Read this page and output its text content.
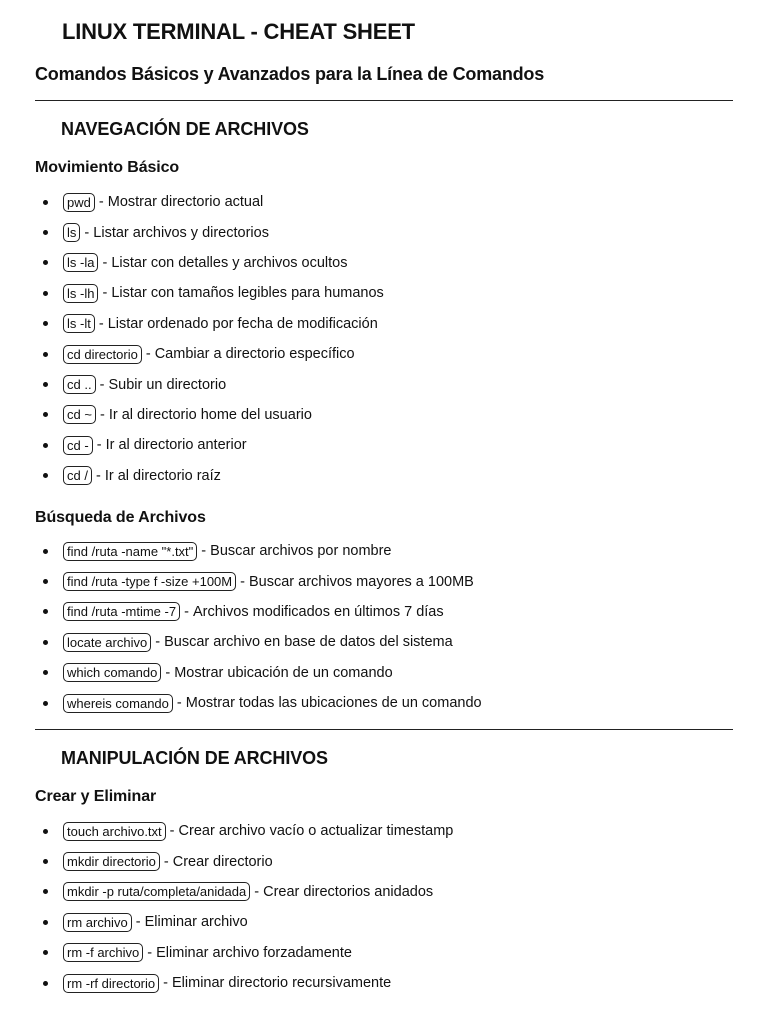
LINUX TERMINAL - CHEAT SHEET
Comandos Básicos y Avanzados para la Línea de Comandos
NAVEGACIÓN DE ARCHIVOS
Movimiento Básico
pwd - Mostrar directorio actual
ls - Listar archivos y directorios
ls -la - Listar con detalles y archivos ocultos
ls -lh - Listar con tamaños legibles para humanos
ls -lt - Listar ordenado por fecha de modificación
cd directorio - Cambiar a directorio específico
cd .. - Subir un directorio
cd ~ - Ir al directorio home del usuario
cd - - Ir al directorio anterior
cd / - Ir al directorio raíz
Búsqueda de Archivos
find /ruta -name "*.txt" - Buscar archivos por nombre
find /ruta -type f -size +100M - Buscar archivos mayores a 100MB
find /ruta -mtime -7 - Archivos modificados en últimos 7 días
locate archivo - Buscar archivo en base de datos del sistema
which comando - Mostrar ubicación de un comando
whereis comando - Mostrar todas las ubicaciones de un comando
MANIPULACIÓN DE ARCHIVOS
Crear y Eliminar
touch archivo.txt - Crear archivo vacío o actualizar timestamp
mkdir directorio - Crear directorio
mkdir -p ruta/completa/anidada - Crear directorios anidados
rm archivo - Eliminar archivo
rm -f archivo - Eliminar archivo forzadamente
rm -rf directorio - Eliminar directorio recursivamente
